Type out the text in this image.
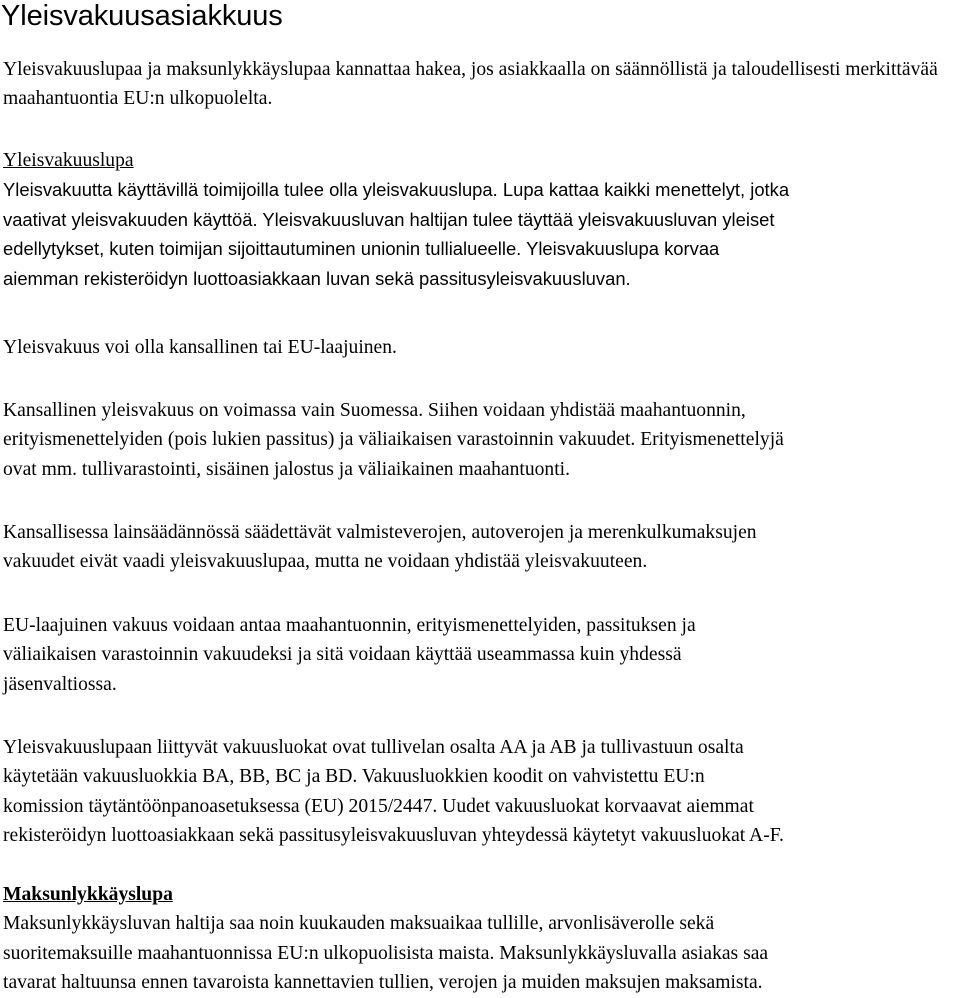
Yleisvakuusasiakkuus

Yleisvakuuslupaa ja maksunlykkäyslupaa kannattaa hakea, jos asiakkaalla on säännöllistä ja taloudellisesti merkittävää maahantuontia EU:n ulkopuolelta.

Yleisvakuuslupa
Yleisvakuutta käyttävillä toimijoilla tulee olla yleisvakuuslupa. Lupa kattaa kaikki menettelyt, jotka
vaativat yleisvakuuden käyttöä. Yleisvakuusluvan haltijan tulee täyttää yleisvakuusluvan yleiset
edellytykset, kuten toimijan sijoittautuminen unionin tullialueelle. Yleisvakuuslupa korvaa
aiemman rekisteröidyn luottoasiakkaan luvan sekä passitusyleisvakuusluvan.

Yleisvakuus voi olla kansallinen tai EU-laajuinen.

Kansallinen yleisvakuus on voimassa vain Suomessa. Siihen voidaan yhdistää maahantuonnin,
erityismenettelyiden (pois lukien passitus) ja väliaikaisen varastoinnin vakuudet. Erityismenettelyjä
ovat mm. tullivarastointi, sisäinen jalostus ja väliaikainen maahantuonti.
Kansallisessa lainsäädännössä säädettävät valmisteverojen, autoverojen ja merenkulkumaksujen
vakuudet eivät vaadi yleisvakuuslupaa, mutta ne voidaan yhdistää yleisvakuuteen.
EU-laajuinen vakuus voidaan antaa maahantuonnin, erityismenettelyiden, passituksen ja
väliaikaisen varastoinnin vakuudeksi ja sitä voidaan käyttää useammassa kuin yhdessä
jäsenvaltiossa.
Yleisvakuuslupaan liittyvät vakuusluokat ovat tullivelan osalta AA ja AB ja tullivastuun osalta
käytetään vakuusluokkia BA, BB, BC ja BD. Vakuusluokkien koodit on vahvistettu EU:n
komission täytäntöönpanoasetuksessa (EU) 2015/2447. Uudet vakuusluokat korvaavat aiemmat
rekisteröidyn luottoasiakkaan sekä passitusyleisvakuusluvan yhteydessä käytetyt vakuusluokat A-F.
Maksunlykkäyslupa
Maksunlykkäysluvan haltija saa noin kuukauden maksuaikaa tullille, arvonlisäverolle sekä
suoritemaksuille maahantuonnissa EU:n ulkopuolisista maista. Maksunlykkäysluvalla asiakas saa
tavarat haltuunsa ennen tavaroista kannettavien tullien, verojen ja muiden maksujen maksamista.
